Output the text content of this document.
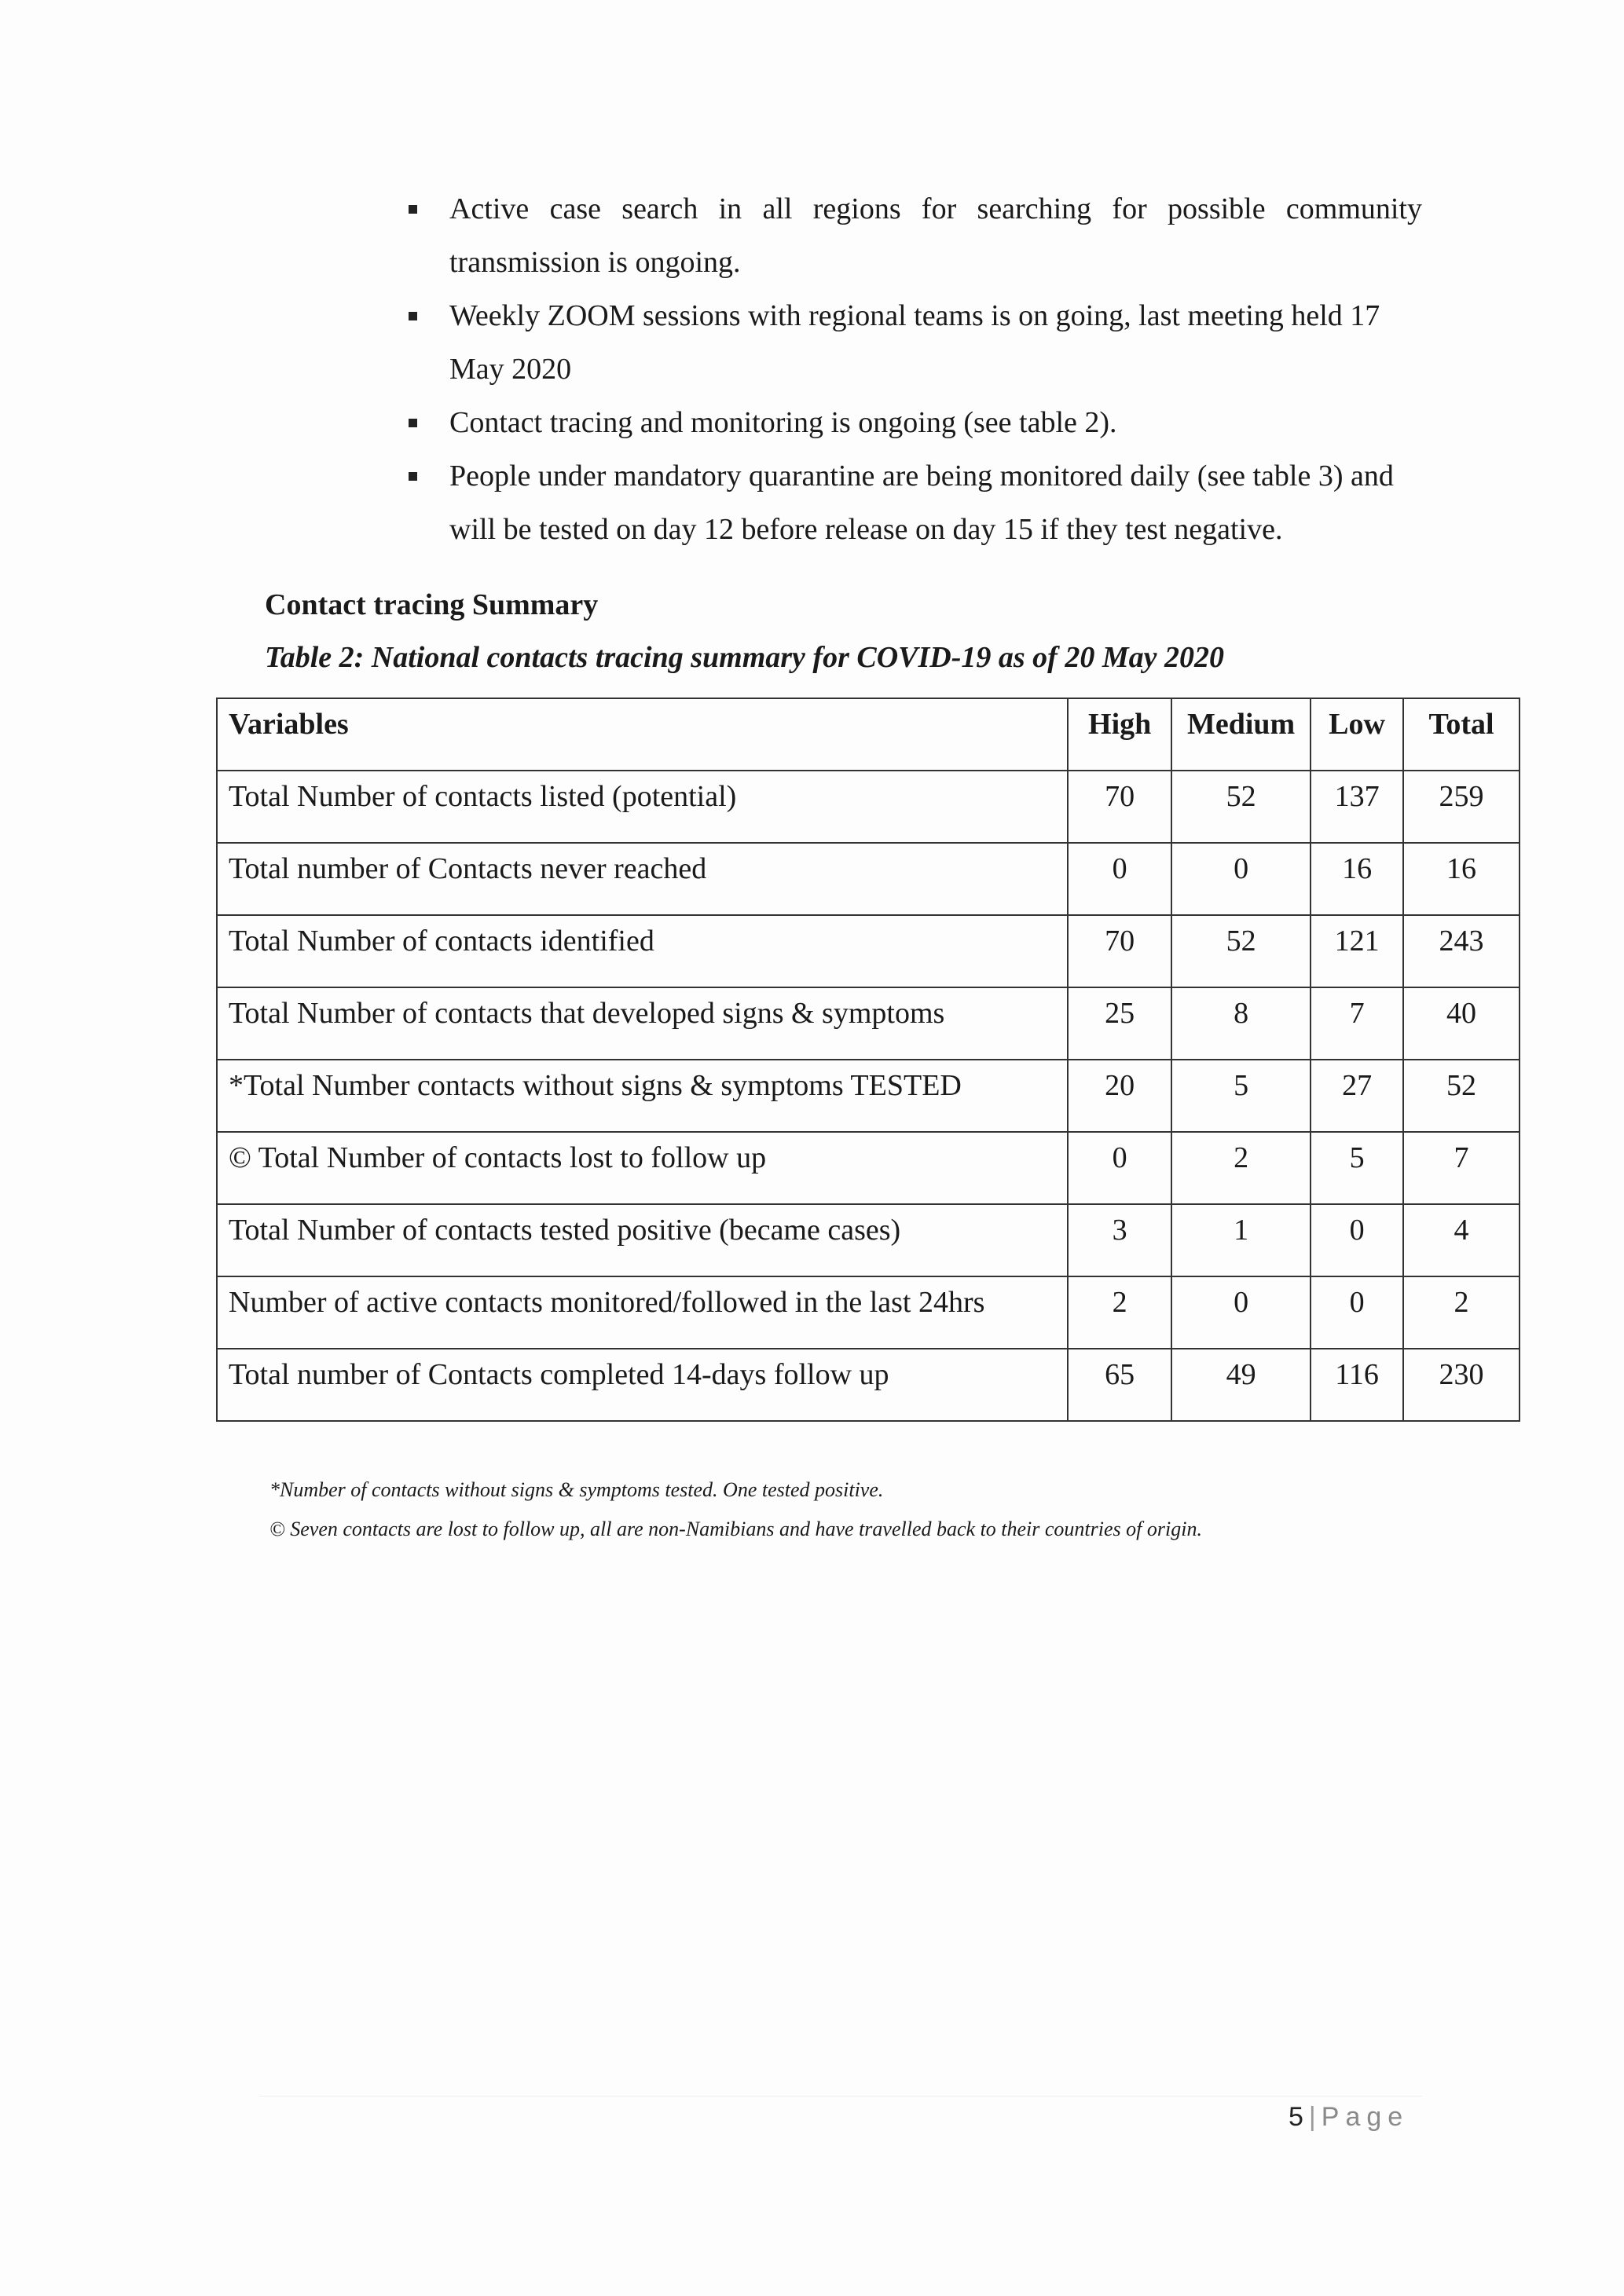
Active case search in all regions for searching for possible community transmission is ongoing.
Weekly ZOOM sessions with regional teams is on going, last meeting held 17 May 2020
Contact tracing and monitoring is ongoing (see table 2).
People under mandatory quarantine are being monitored daily (see table 3) and will be tested on day 12 before release on day 15 if they test negative.
Contact tracing Summary

Table 2: National contacts tracing summary for COVID-19 as of 20 May 2020

Variables	High	Medium	Low	Total
Total Number of contacts listed (potential)	70	52	137	259
Total number of Contacts never reached	0	0	16	16
Total Number of contacts identified	70	52	121	243
Total Number of contacts that developed signs & symptoms	25	8	7	40
*Total Number contacts without signs & symptoms TESTED	20	5	27	52
© Total Number of contacts lost to follow up	0	2	5	7
Total Number of contacts tested positive (became cases)	3	1	0	4
Number of active contacts monitored/followed in the last 24hrs	2	0	0	2
Total number of Contacts completed 14-days follow up	65	49	116	230

*Number of contacts without signs & symptoms tested. One tested positive.

© Seven contacts are lost to follow up, all are non-Namibians and have travelled back to their countries of origin.

5 | Page
